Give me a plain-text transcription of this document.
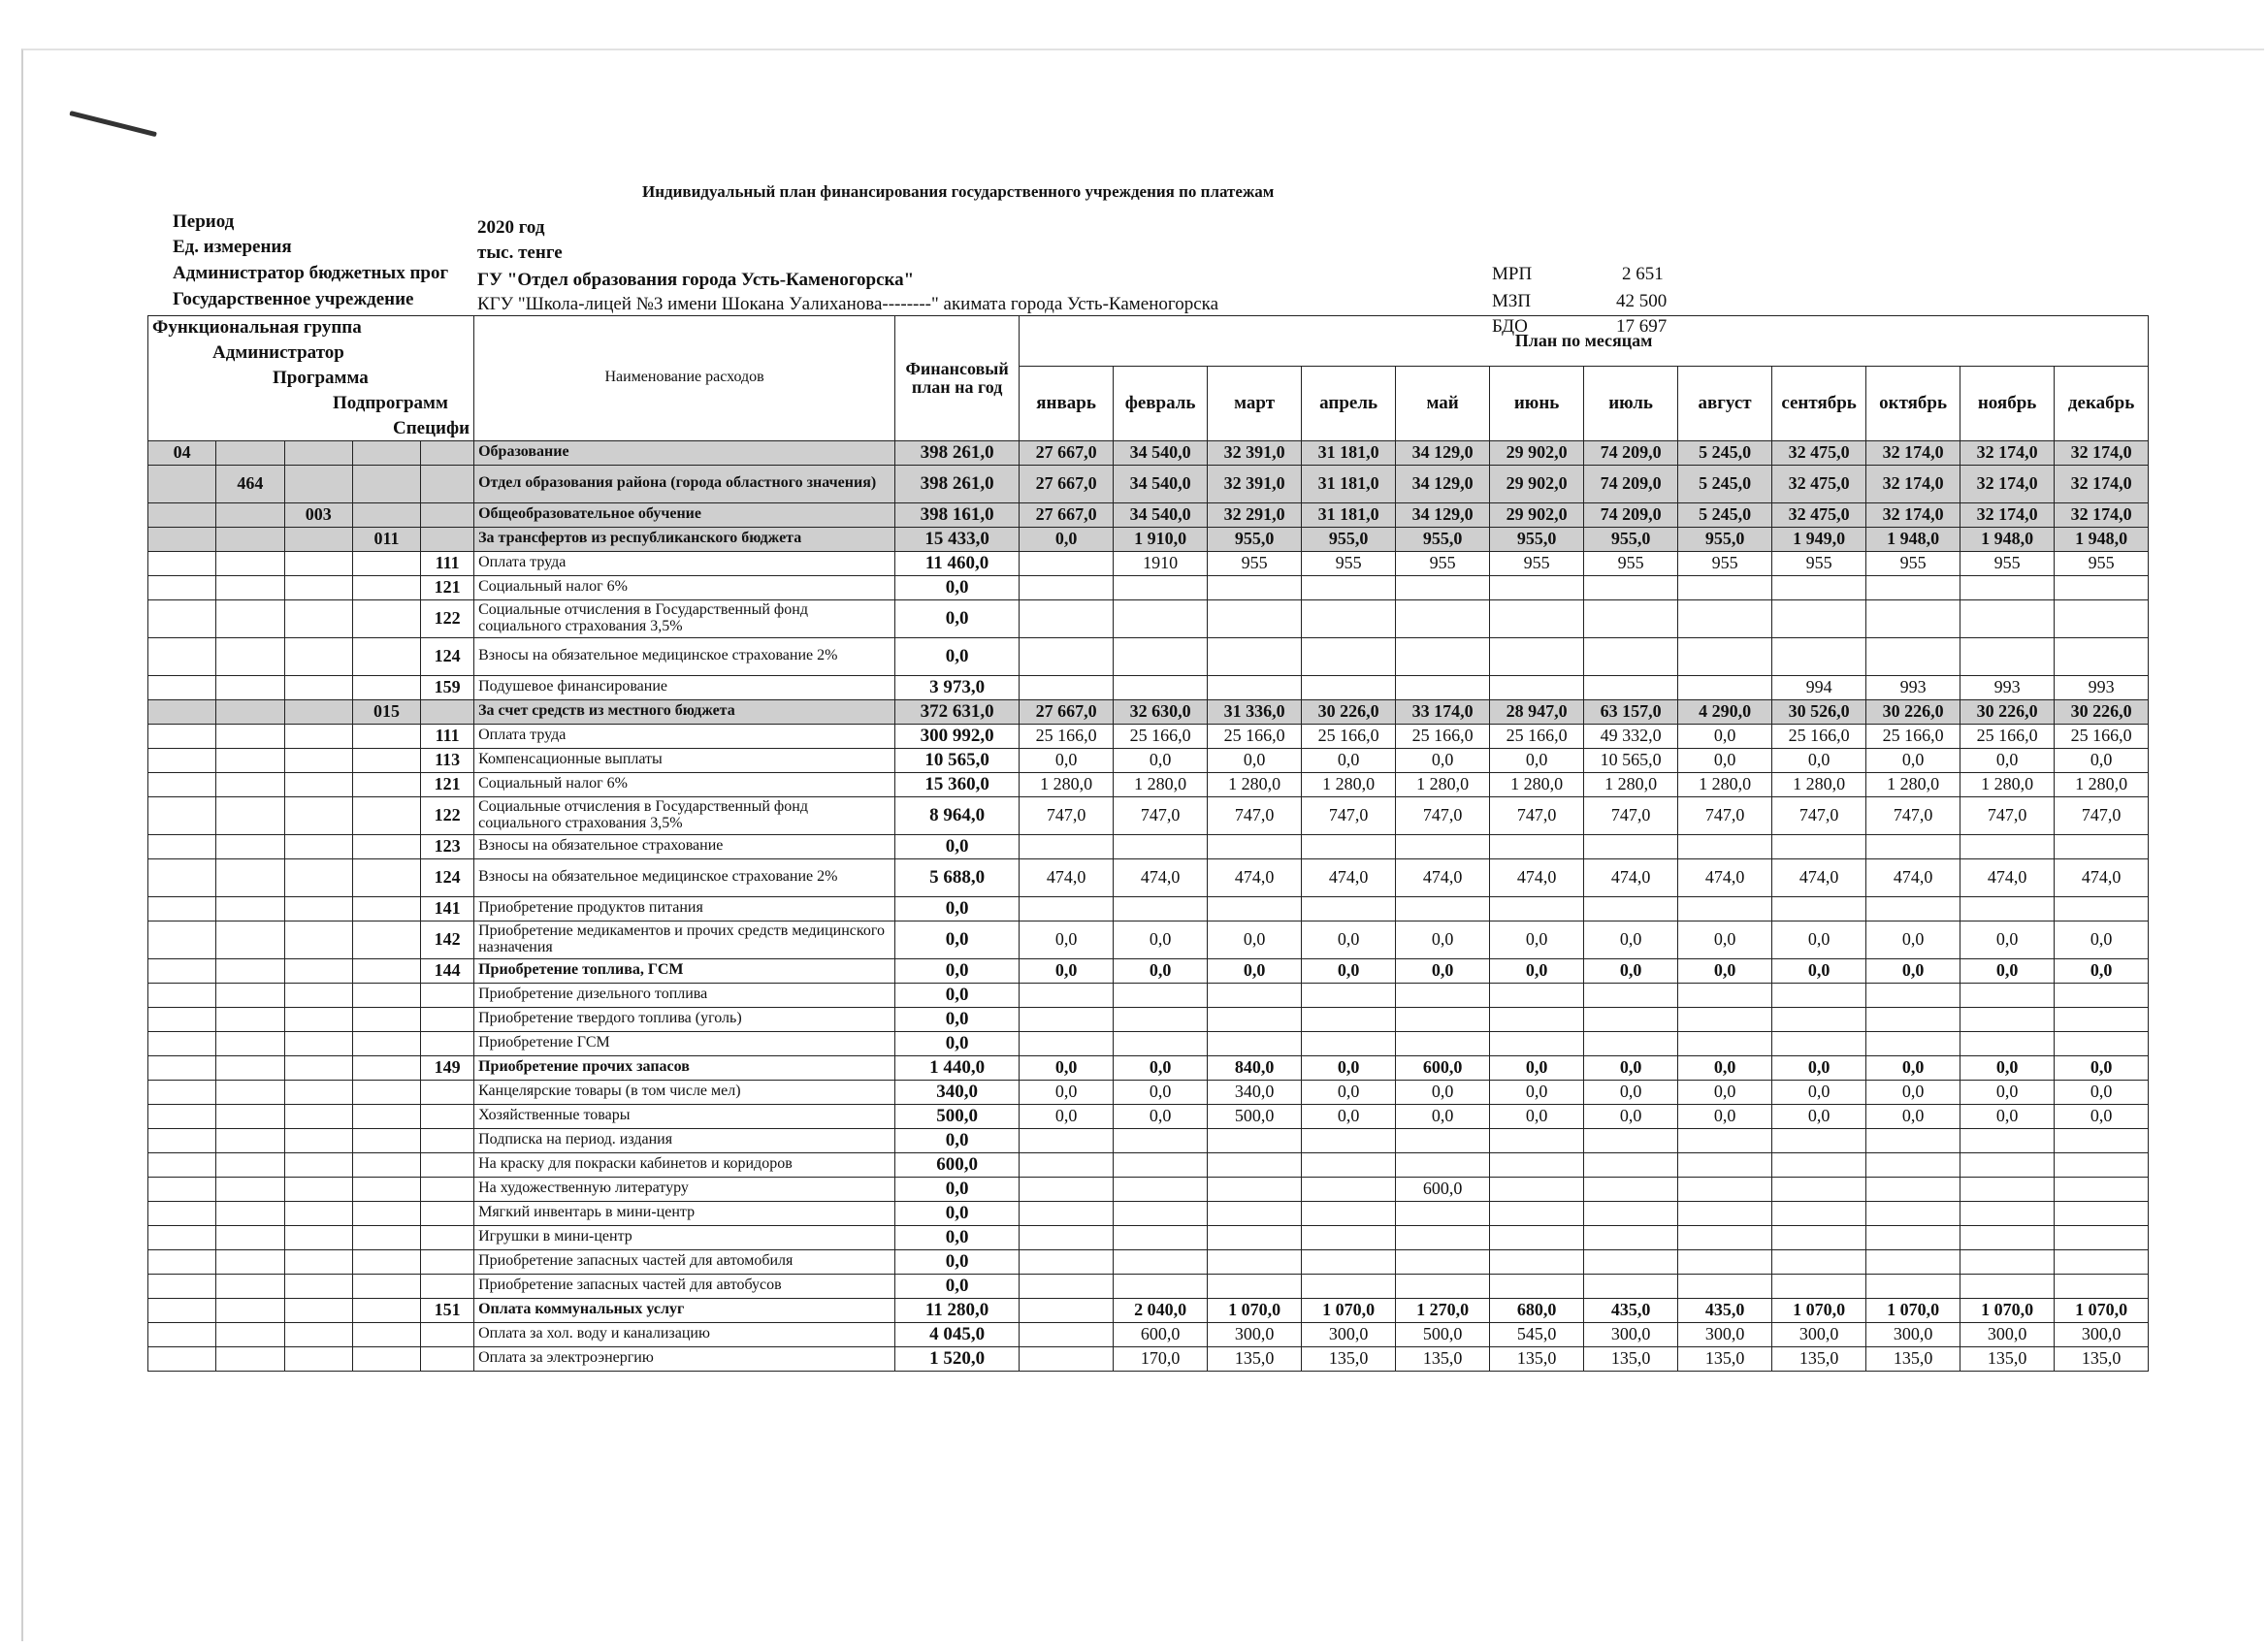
Индивидуальный план финансирования государственного учреждения по платежам
Период	2020 год
Ед. измерения	тыс. тенге
Администратор бюджетных прог ГУ "Отдел образования города Усть-Каменогорска"
Государственное учреждение	КГУ "Школа-лицей №3 имени Шокана Уалиханова--------" акимата города Усть-Каменогорска
МРП	2 651
МЗП	42 500
БДО	17 697
Функциональная группа
Администратор
Программа
Подпрограмм
Специфи					Наименование расходов	Финансовый план на год	План по месяцам											
							январь	февраль	март	апрель	май	июнь	июль	август	сентябрь	октябрь	ноябрь	декабрь
04					Образование	398 261,0	27 667,0	34 540,0	32 391,0	31 181,0	34 129,0	29 902,0	74 209,0	5 245,0	32 475,0	32 174,0	32 174,0	32 174,0
	464				Отдел образования района (города областного значения)	398 261,0	27 667,0	34 540,0	32 391,0	31 181,0	34 129,0	29 902,0	74 209,0	5 245,0	32 475,0	32 174,0	32 174,0	32 174,0
		003			Общеобразовательное обучение	398 161,0	27 667,0	34 540,0	32 291,0	31 181,0	34 129,0	29 902,0	74 209,0	5 245,0	32 475,0	32 174,0	32 174,0	32 174,0
			011		За трансфертов из республиканского бюджета	15 433,0	0,0	1 910,0	955,0	955,0	955,0	955,0	955,0	955,0	1 949,0	1 948,0	1 948,0	1 948,0
				111	Оплата труда	11 460,0		1910	955	955	955	955	955	955	955	955	955	955
				121	Социальный налог 6%	0,0												
				122	Социальные отчисления в Государственный фонд социального страхования 3,5%	0,0												
				124	Взносы на обязательное медицинское страхование 2%	0,0												
				159	Подушевое финансирование	3 973,0									994	993	993	993
			015		За счет средств из местного бюджета	372 631,0	27 667,0	32 630,0	31 336,0	30 226,0	33 174,0	28 947,0	63 157,0	4 290,0	30 526,0	30 226,0	30 226,0	30 226,0
				111	Оплата труда	300 992,0	25 166,0	25 166,0	25 166,0	25 166,0	25 166,0	25 166,0	49 332,0	0,0	25 166,0	25 166,0	25 166,0	25 166,0
				113	Компенсационные выплаты	10 565,0	0,0	0,0	0,0	0,0	0,0	0,0	10 565,0	0,0	0,0	0,0	0,0	0,0
				121	Социальный налог 6%	15 360,0	1 280,0	1 280,0	1 280,0	1 280,0	1 280,0	1 280,0	1 280,0	1 280,0	1 280,0	1 280,0	1 280,0	1 280,0
				122	Социальные отчисления в Государственный фонд социального страхования 3,5%	8 964,0	747,0	747,0	747,0	747,0	747,0	747,0	747,0	747,0	747,0	747,0	747,0	747,0
				123	Взносы на обязательное страхование	0,0												
				124	Взносы на обязательное медицинское страхование 2%	5 688,0	474,0	474,0	474,0	474,0	474,0	474,0	474,0	474,0	474,0	474,0	474,0	474,0
				141	Приобретение продуктов питания	0,0												
				142	Приобретение медикаментов и прочих средств медицинского назначения	0,0	0,0	0,0	0,0	0,0	0,0	0,0	0,0	0,0	0,0	0,0	0,0	0,0
				144	Приобретение топлива, ГСМ	0,0	0,0	0,0	0,0	0,0	0,0	0,0	0,0	0,0	0,0	0,0	0,0	0,0
					Приобретение дизельного топлива	0,0												
					Приобретение твердого топлива (уголь)	0,0												
					Приобретение ГСМ	0,0												
				149	Приобретение прочих запасов	1 440,0	0,0	0,0	840,0	0,0	600,0	0,0	0,0	0,0	0,0	0,0	0,0	0,0
					Канцелярские товары (в том числе мел)	340,0	0,0	0,0	340,0	0,0	0,0	0,0	0,0	0,0	0,0	0,0	0,0	0,0
					Хозяйственные товары	500,0	0,0	0,0	500,0	0,0	0,0	0,0	0,0	0,0	0,0	0,0	0,0	0,0
					Подписка на период. издания	0,0												
					На краску для покраски кабинетов и коридоров	600,0												
					На художественную литературу	0,0					600,0							
					Мягкий инвентарь в мини-центр	0,0												
					Игрушки в мини-центр	0,0												
					Приобретение запасных частей для автомобиля	0,0												
					Приобретение запасных частей для автобусов	0,0												
				151	Оплата коммунальных услуг	11 280,0		2 040,0	1 070,0	1 070,0	1 270,0	680,0	435,0	435,0	1 070,0	1 070,0	1 070,0	1 070,0
					Оплата за хол. воду и канализацию	4 045,0		600,0	300,0	300,0	500,0	545,0	300,0	300,0	300,0	300,0	300,0	300,0
					Оплата за электроэнергию	1 520,0		170,0	135,0	135,0	135,0	135,0	135,0	135,0	135,0	135,0	135,0	135,0
